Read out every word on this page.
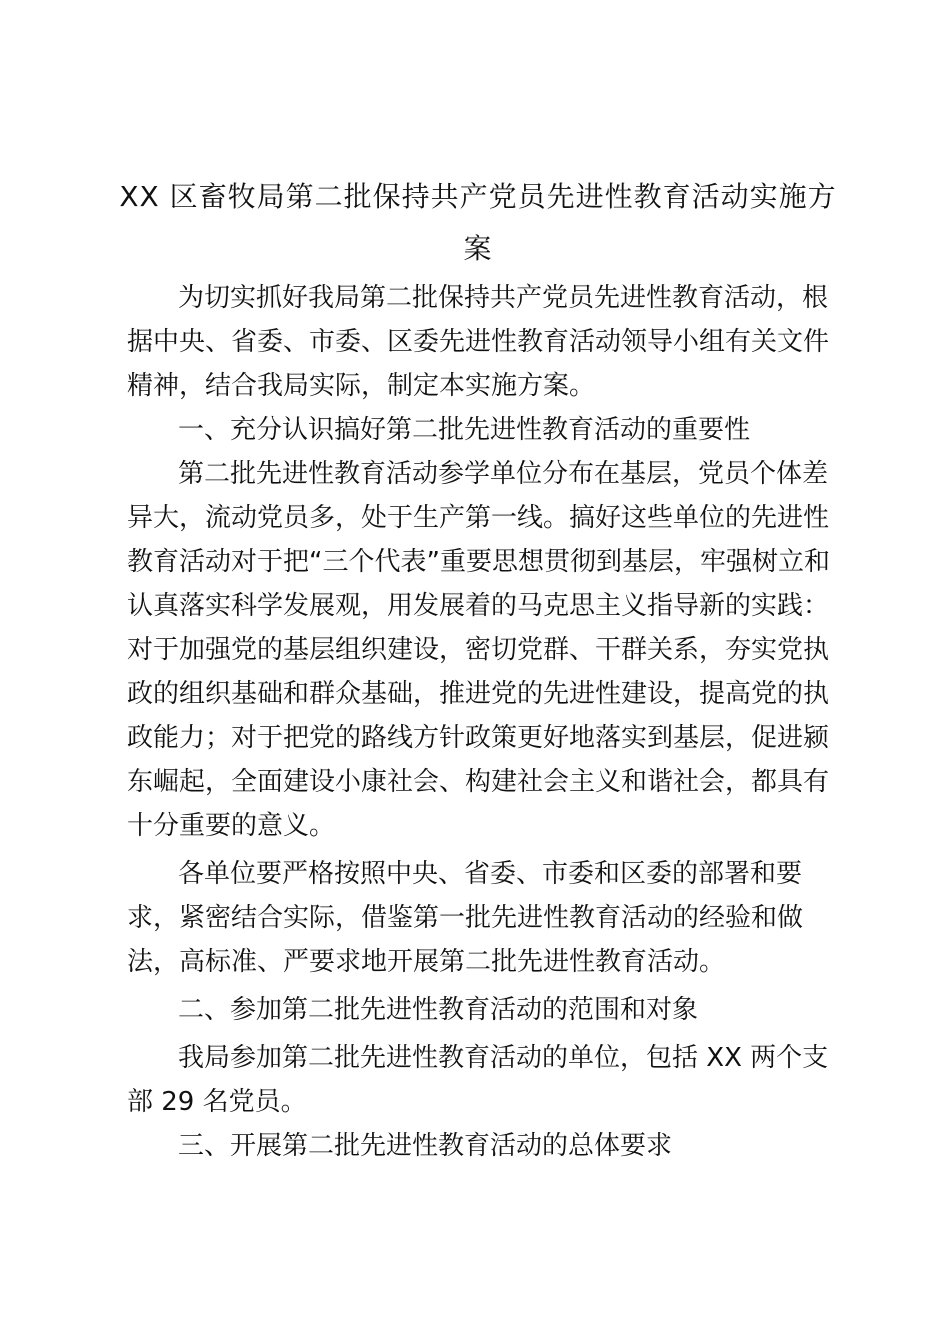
XX 区畜牧局第二批保持共产党员先进性教育活动实施方
案

为切实抓好我局第二批保持共产党员先进性教育活动，根

据中央、省委、市委、区委先进性教育活动领导小组有关文件

精神，结合我局实际，制定本实施方案。

一、充分认识搞好第二批先进性教育活动的重要性

第二批先进性教育活动参学单位分布在基层，党员个体差

异大，流动党员多，处于生产第一线。搞好这些单位的先进性

教育活动对于把“三个代表”重要思想贯彻到基层，牢强树立和

认真落实科学发展观，用发展着的马克思主义指导新的实践：

对于加强党的基层组织建设，密切党群、干群关系，夯实党执

政的组织基础和群众基础，推进党的先进性建设，提高党的执

政能力；对于把党的路线方针政策更好地落实到基层，促进颍

东崛起，全面建设小康社会、构建社会主义和谐社会，都具有

十分重要的意义。

各单位要严格按照中央、省委、市委和区委的部署和要

求，紧密结合实际，借鉴第一批先进性教育活动的经验和做

法，高标准、严要求地开展第二批先进性教育活动。

二、参加第二批先进性教育活动的范围和对象

我局参加第二批先进性教育活动的单位，包括 XX 两个支

部 29 名党员。

三、开展第二批先进性教育活动的总体要求
